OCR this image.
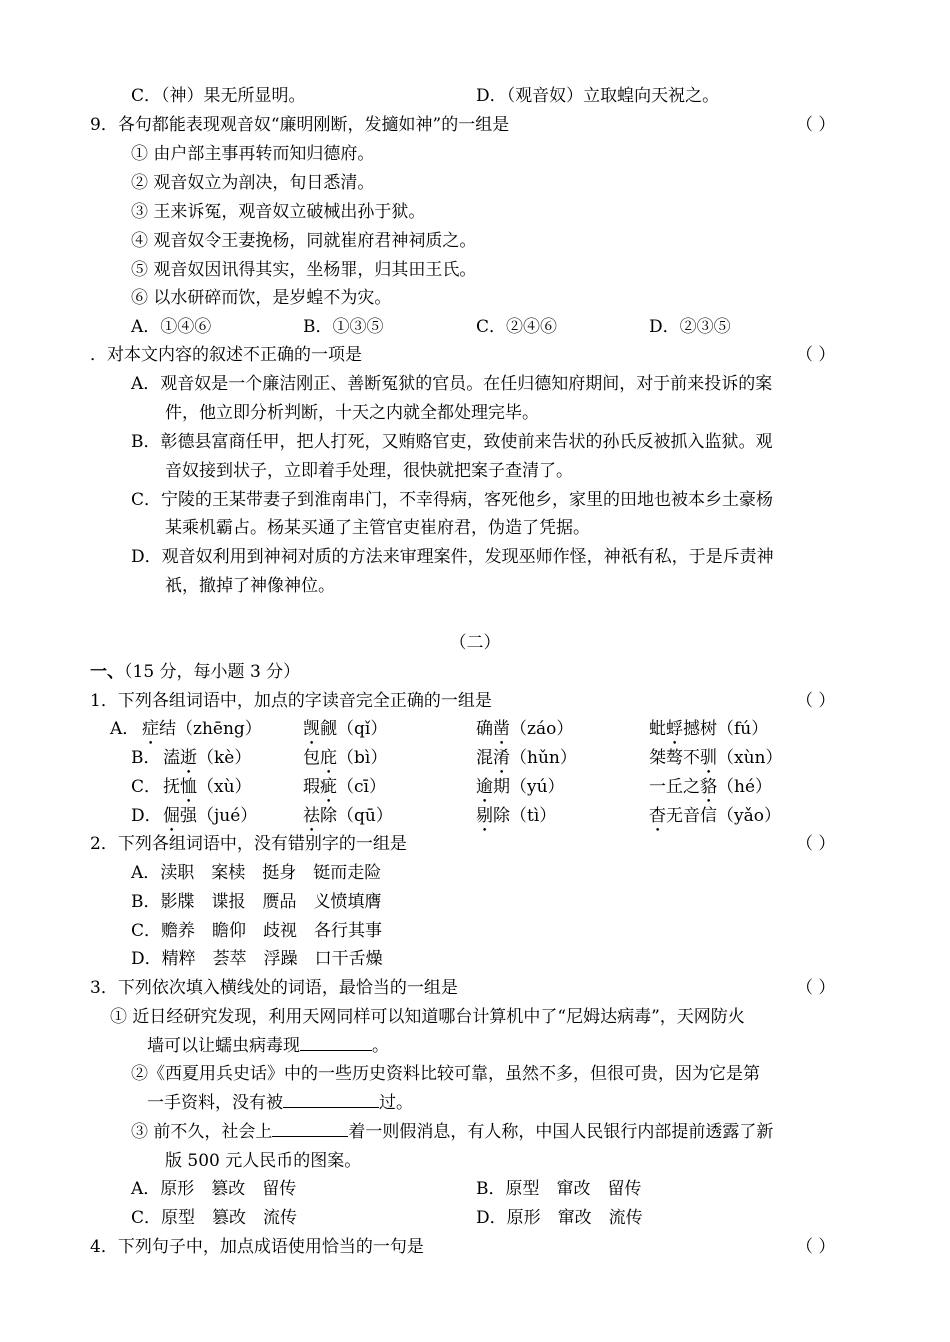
C．（神）果无所显明。	D．（观音奴）立取蝗向天祝之。
9．各句都能表现观音奴“廉明刚断，发擿如神”的一组是	（ ）
① 由户部主事再转而知归德府。
② 观音奴立为剖决，旬日悉清。
③ 王来诉冤，观音奴立破械出孙于狱。
④ 观音奴令王妻挽杨，同就崔府君神祠质之。
⑤ 观音奴因讯得其实，坐杨罪，归其田王氏。
⑥ 以水研碎而饮，是岁蝗不为灾。
A．①④⑥	B．①③⑤	C．②④⑥	D．②③⑤
．对本文内容的叙述不正确的一项是	（ ）
A．观音奴是一个廉洁刚正、善断冤狱的官员。在任归德知府期间，对于前来投诉的案
件，他立即分析判断，十天之内就全都处理完毕。
B．彰德县富商任甲，把人打死，又贿赂官吏，致使前来告状的孙氏反被抓入监狱。观
音奴接到状子，立即着手处理，很快就把案子查清了。
C．宁陵的王某带妻子到淮南串门，不幸得病，客死他乡，家里的田地也被本乡土豪杨
某乘机霸占。杨某买通了主管官吏崔府君，伪造了凭据。
D．观音奴利用到神祠对质的方法来审理案件，发现巫师作怪，神祇有私，于是斥责神
祇，撤掉了神像神位。
（二）
一、（15 分，每小题 3 分）
1．下列各组词语中，加点的字读音完全正确的一组是	（ ）
A． 症结（zhēng） 觊觎（qǐ）	确凿（záo）	蚍蜉撼树（fú）
B． 溘逝（kè）	包庇（bì）	混淆（hǔn）	桀骜不驯（xùn）
C． 抚恤（xù）	瑕疵（cī）	逾期（yú）	一丘之貉（hé）
D． 倔强（jué）	祛除（qū）	剔除（tì）	杳无音信（yǎo）
2．下列各组词语中，没有错别字的一组是	（ ）
A．渎职　案椟　挺身　铤而走险
B．影牒　谍报　赝品　义愤填膺
C．赡养　瞻仰　歧视　各行其事
D．精粹　荟萃　浮躁　口干舌燥
3．下列依次填入横线处的词语，最恰当的一组是	（ ）
① 近日经研究发现，利用天网同样可以知道哪台计算机中了“尼姆达病毒”，天网防火
墙可以让蠕虫病毒现	。
②《西夏用兵史话》中的一些历史资料比较可靠，虽然不多，但很可贵，因为它是第
一手资料，没有被	过。
③ 前不久，社会上	着一则假消息，有人称，中国人民银行内部提前透露了新
版 500 元人民币的图案。
A．原形　篡改　留传	B．原型　窜改　留传
C．原型　篡改　流传	D．原形　窜改　流传
4．下列句子中，加点成语使用恰当的一句是	（ ）
